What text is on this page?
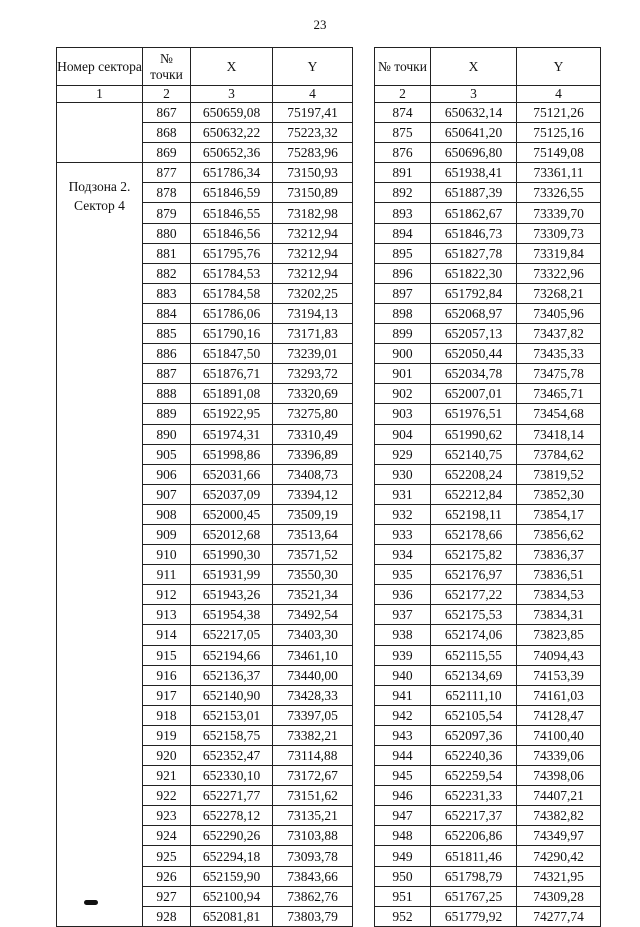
23
Номер сектора	№ точки	X	Y
1	2	3	4
	867	650659,08	75197,41
	868	650632,22	75223,32
	869	650652,36	75283,96
Подзона 2. Сектор 4	877	651786,34	73150,93
	878	651846,59	73150,89
	879	651846,55	73182,98
	880	651846,56	73212,94
	881	651795,76	73212,94
	882	651784,53	73212,94
	883	651784,58	73202,25
	884	651786,06	73194,13
	885	651790,16	73171,83
	886	651847,50	73239,01
	887	651876,71	73293,72
	888	651891,08	73320,69
	889	651922,95	73275,80
	890	651974,31	73310,49
	905	651998,86	73396,89
	906	652031,66	73408,73
	907	652037,09	73394,12
	908	652000,45	73509,19
	909	652012,68	73513,64
	910	651990,30	73571,52
	911	651931,99	73550,30
	912	651943,26	73521,34
	913	651954,38	73492,54
	914	652217,05	73403,30
	915	652194,66	73461,10
	916	652136,37	73440,00
	917	652140,90	73428,33
	918	652153,01	73397,05
	919	652158,75	73382,21
	920	652352,47	73114,88
	921	652330,10	73172,67
	922	652271,77	73151,62
	923	652278,12	73135,21
	924	652290,26	73103,88
	925	652294,18	73093,78
	926	652159,90	73843,66
	927	652100,94	73862,76
	928	652081,81	73803,79
№ точки	X	Y
2	3	4
874	650632,14	75121,26
875	650641,20	75125,16
876	650696,80	75149,08
891	651938,41	73361,11
892	651887,39	73326,55
893	651862,67	73339,70
894	651846,73	73309,73
895	651827,78	73319,84
896	651822,30	73322,96
897	651792,84	73268,21
898	652068,97	73405,96
899	652057,13	73437,82
900	652050,44	73435,33
901	652034,78	73475,78
902	652007,01	73465,71
903	651976,51	73454,68
904	651990,62	73418,14
929	652140,75	73784,62
930	652208,24	73819,52
931	652212,84	73852,30
932	652198,11	73854,17
933	652178,66	73856,62
934	652175,82	73836,37
935	652176,97	73836,51
936	652177,22	73834,53
937	652175,53	73834,31
938	652174,06	73823,85
939	652115,55	74094,43
940	652134,69	74153,39
941	652111,10	74161,03
942	652105,54	74128,47
943	652097,36	74100,40
944	652240,36	74339,06
945	652259,54	74398,06
946	652231,33	74407,21
947	652217,37	74382,82
948	652206,86	74349,97
949	651811,46	74290,42
950	651798,79	74321,95
951	651767,25	74309,28
952	651779,92	74277,74
